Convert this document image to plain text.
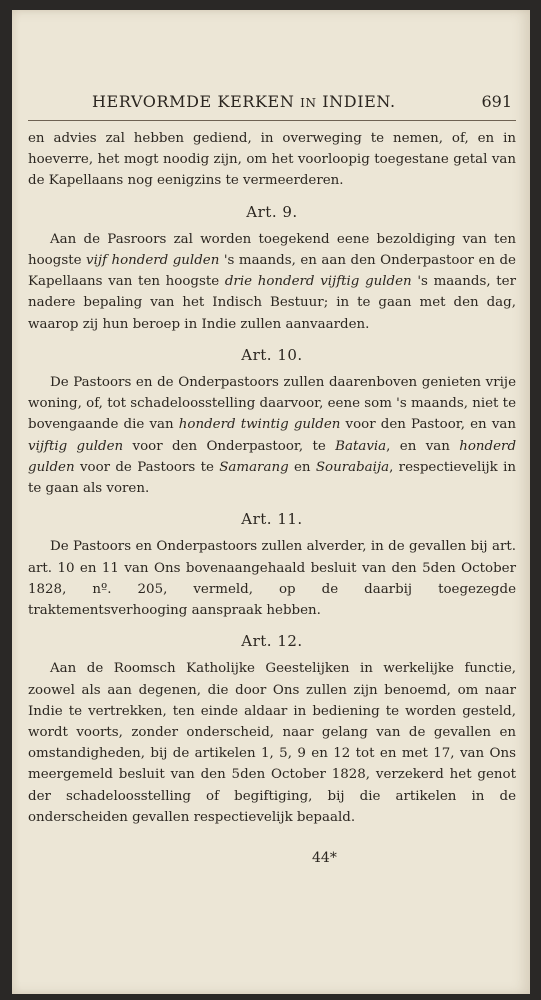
HERVORMDE KERKEN IN INDIEN.	691

en advies zal hebben gediend, in overweging te nemen, of, en in hoeverre, het mogt noodig zijn, om het voorloopig toegestane getal van de Kapellaans nog eenigzins te vermeerderen.

Art. 9.

Aan de Pasroors zal worden toegekend eene bezoldiging van ten hoogste vijf honderd gulden 's maands, en aan den Onderpastoor en de Kapellaans van ten hoogste drie honderd vijftig gulden 's maands, ter nadere bepaling van het Indisch Bestuur; in te gaan met den dag, waarop zij hun beroep in Indie zullen aanvaarden.

Art. 10.

De Pastoors en de Onderpastoors zullen daarenboven genieten vrije woning, of, tot schadeloosstelling daarvoor, eene som 's maands, niet te bovengaande die van honderd twintig gulden voor den Pastoor, en van vijftig gulden voor den Onderpastoor, te Batavia, en van honderd gulden voor de Pastoors te Samarang en Sourabaija, respectievelijk in te gaan als voren.

Art. 11.

De Pastoors en Onderpastoors zullen alverder, in de gevallen bij art. art. 10 en 11 van Ons bovenaangehaald besluit van den 5den October 1828, nº. 205, vermeld, op de daarbij toegezegde traktementsverhooging aanspraak hebben.

Art. 12.

Aan de Roomsch Katholijke Geestelijken in werkelijke functie, zoowel als aan degenen, die door Ons zullen zijn benoemd, om naar Indie te vertrekken, ten einde aldaar in bediening te worden gesteld, wordt voorts, zonder onderscheid, naar gelang van de gevallen en omstandigheden, bij de artikelen 1, 5, 9 en 12 tot en met 17, van Ons meergemeld besluit van den 5den October 1828, verzekerd het genot der schadeloosstelling of begiftiging, bij die artikelen in de onderscheiden gevallen respectievelijk bepaald.

44*
